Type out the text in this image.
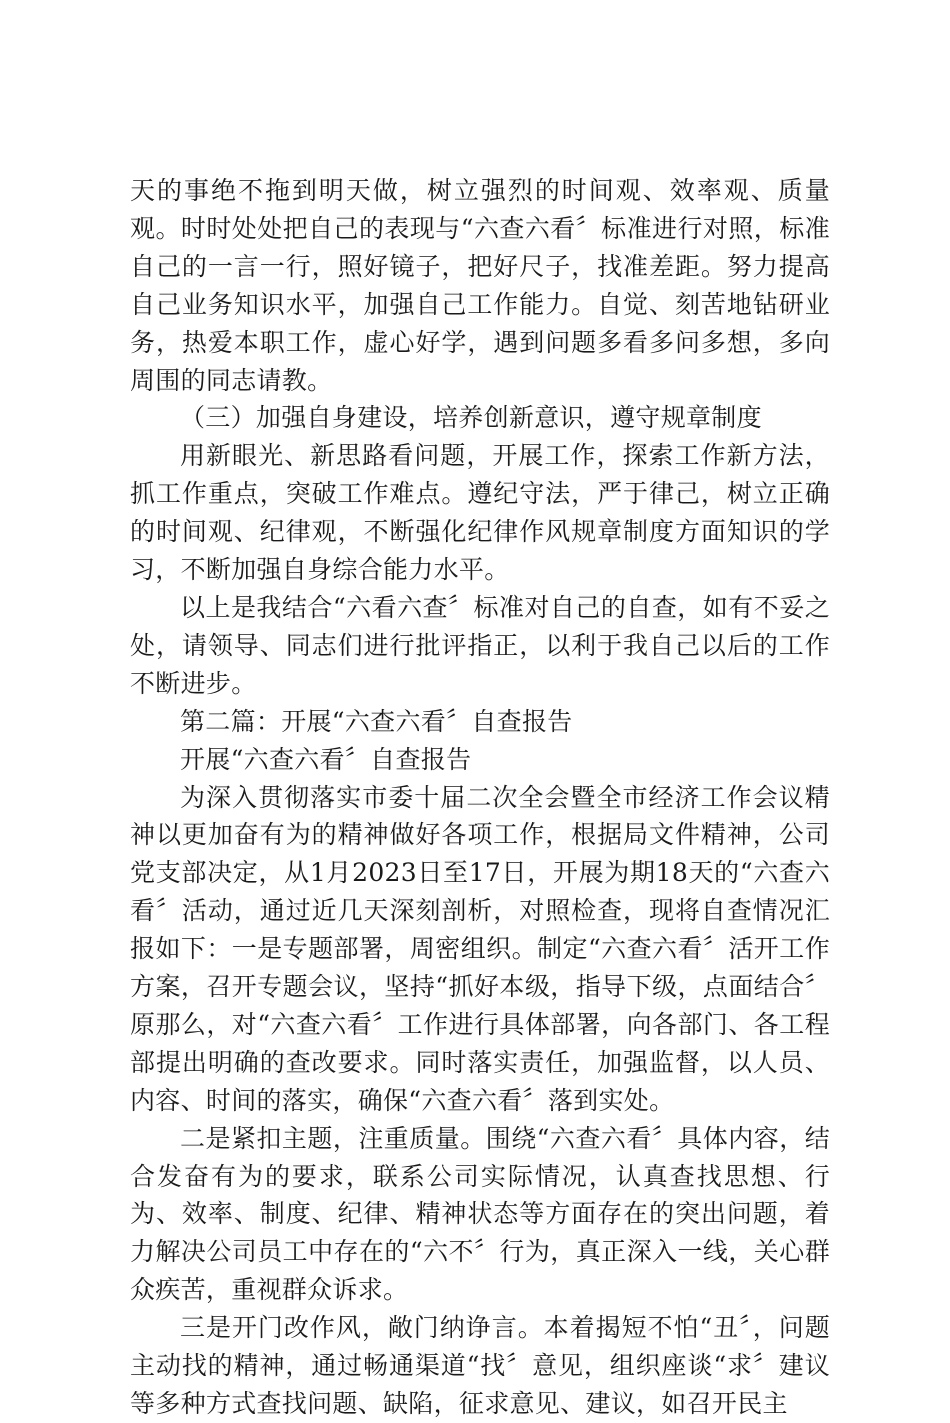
天的事绝不拖到明天做，树立强烈的时间观、效率观、质量观。时时处处把自己的表现与“六查六看〞标准进行对照，标准自己的一言一行，照好镜子，把好尺子，找准差距。努力提高自己业务知识水平，加强自己工作能力。自觉、刻苦地钻研业务，热爱本职工作，虚心好学，遇到问题多看多问多想，多向周围的同志请教。

（三）加强自身建设，培养创新意识，遵守规章制度

用新眼光、新思路看问题，开展工作，探索工作新方法，抓工作重点，突破工作难点。遵纪守法，严于律己，树立正确的时间观、纪律观，不断强化纪律作风规章制度方面知识的学习，不断加强自身综合能力水平。

以上是我结合“六看六查〞标准对自己的自查，如有不妥之处，请领导、同志们进行批评指正，以利于我自己以后的工作不断进步。

第二篇：开展“六查六看〞自查报告

开展“六查六看〞自查报告

为深入贯彻落实市委十届二次全会暨全市经济工作会议精神以更加奋有为的精神做好各项工作，根据局文件精神，公司党支部决定，从1月2023日至17日，开展为期18天的“六查六看〞活动，通过近几天深刻剖析，对照检查，现将自查情况汇报如下：一是专题部署，周密组织。制定“六查六看〞活开工作方案，召开专题会议，坚持“抓好本级，指导下级，点面结合〞原那么，对“六查六看〞工作进行具体部署，向各部门、各工程部提出明确的查改要求。同时落实责任，加强监督，以人员、内容、时间的落实，确保“六查六看〞落到实处。

二是紧扣主题，注重质量。围绕“六查六看〞具体内容，结合发奋有为的要求，联系公司实际情况，认真查找思想、行为、效率、制度、纪律、精神状态等方面存在的突出问题，着力解决公司员工中存在的“六不〞行为，真正深入一线，关心群众疾苦，重视群众诉求。

三是开门改作风，敞门纳诤言。本着揭短不怕“丑〞，问题主动找的精神，通过畅通渠道“找〞意见，组织座谈“求〞建议等多种方式查找问题、缺陷，征求意见、建议，如召开民主
